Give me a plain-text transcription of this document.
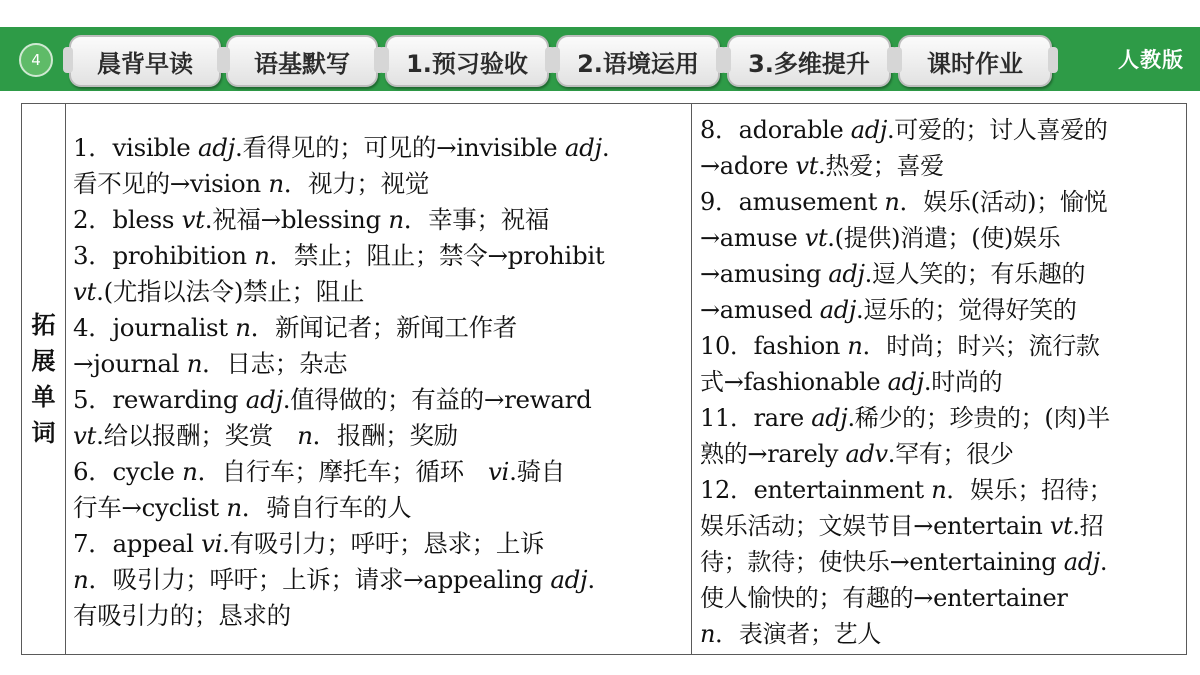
4	晨背早读	语基默写	1.预习验收	2.语境运用	3.多维提升	课时作业	人教版
拓
展
单
词
1．visible adj.看得见的；可见的→invisible adj.
看不见的→vision n．视力；视觉
2．bless vt.祝福→blessing n．幸事；祝福
3．prohibition n．禁止；阻止；禁令→prohibit
vt.(尤指以法令)禁止；阻止
4．journalist n．新闻记者；新闻工作者
→journal n．日志；杂志
5．rewarding adj.值得做的；有益的→reward
vt.给以报酬；奖赏　n．报酬；奖励
6．cycle n．自行车；摩托车；循环　vi.骑自
行车→cyclist n．骑自行车的人
7．appeal vi.有吸引力；呼吁；恳求；上诉
n．吸引力；呼吁；上诉；请求→appealing adj.
有吸引力的；恳求的
8．adorable adj.可爱的；讨人喜爱的
→adore vt.热爱；喜爱
9．amusement n．娱乐(活动)；愉悦
→amuse vt.(提供)消遣；(使)娱乐
→amusing adj.逗人笑的；有乐趣的
→amused adj.逗乐的；觉得好笑的
10．fashion n．时尚；时兴；流行款
式→fashionable adj.时尚的
11．rare adj.稀少的；珍贵的；(肉)半
熟的→rarely adv.罕有；很少
12．entertainment n．娱乐；招待；
娱乐活动；文娱节目→entertain vt.招
待；款待；使快乐→entertaining adj.
使人愉快的；有趣的→entertainer
n．表演者；艺人
